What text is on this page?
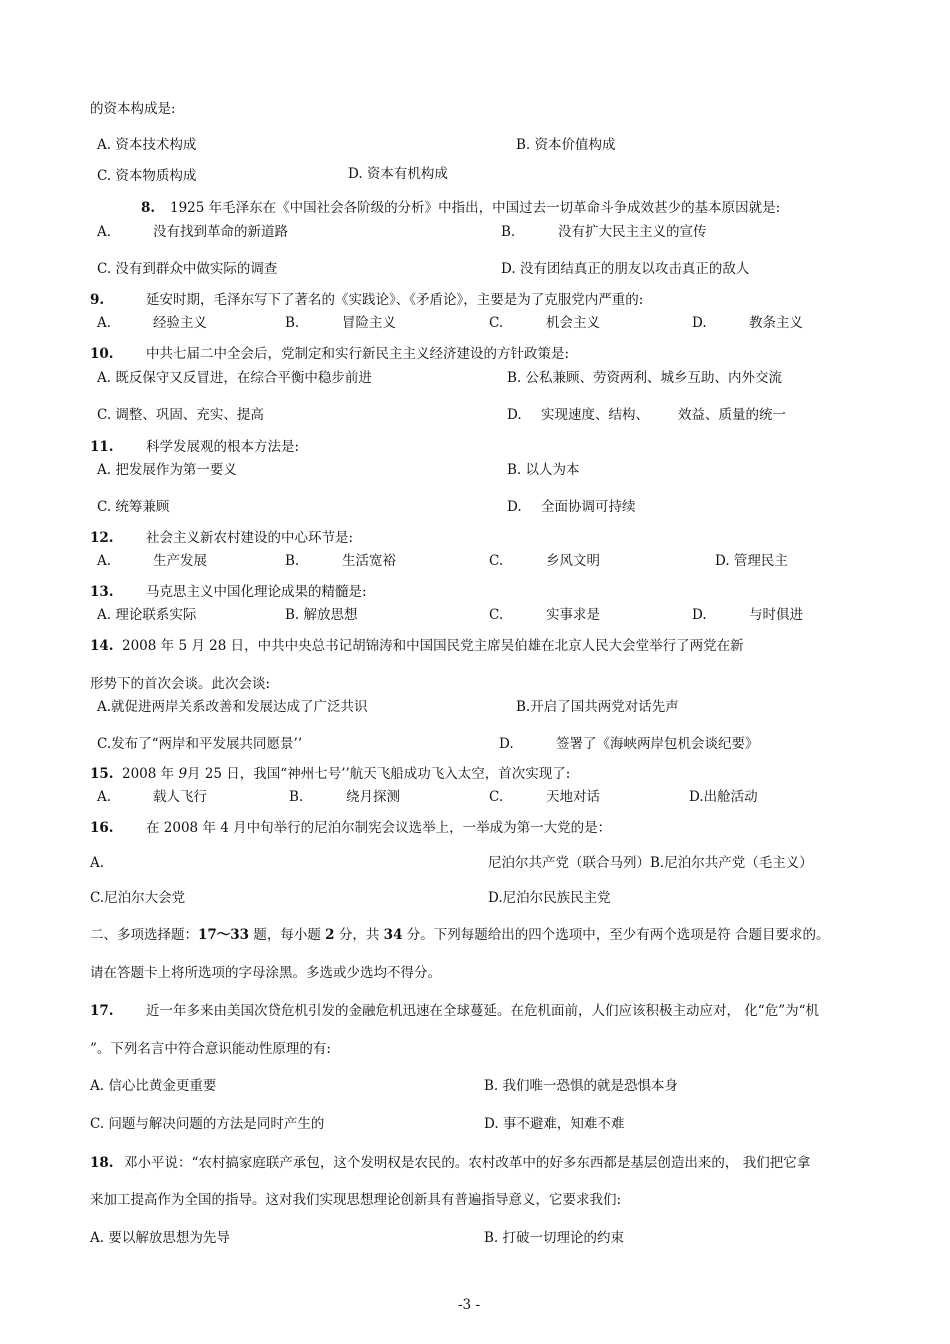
的资本构成是:
A. 资本技术构成	B. 资本价值构成
C. 资本物质构成	D. 资本有机构成
8. 1925 年毛泽东在《中国社会各阶级的分析》中指出，中国过去一切革命斗争成效甚少的基本原因就是:
A.	没有找到革命的新道路	B.	没有扩大民主主义的宣传
C. 没有到群众中做实际的调查	D. 没有团结真正的朋友以攻击真正的敌人
9.	延安时期，毛泽东写下了著名的《实践论》、《矛盾论》，主要是为了克服党内严重的:
A.	经验主义	B.	冒险主义	C.	机会主义	D.	教条主义
10. 中共七届二中全会后，党制定和实行新民主主义经济建设的方针政策是:
A. 既反保守又反冒进，在综合平衡中稳步前进	B. 公私兼顾、劳资两利、城乡互助、内外交流
C. 调整、巩固、充实、提高	D. 实现速度、结构、 效益、质量的统一
11. 科学发展观的根本方法是:
A. 把发展作为第一要义	B. 以人为本
C. 统筹兼顾	D. 全面协调可持续
12. 社会主义新农村建设的中心环节是:
A.	生产发展	B.	生活宽裕	C.	乡风文明	D. 管理民主
13. 马克思主义中国化理论成果的精髓是:
A. 理论联系实际	B. 解放思想	C.	实事求是	D.	与时俱进
14. 2008 年 5 月 28 日，中共中央总书记胡锦涛和中国国民党主席吴伯雄在北京人民大会堂举行了两党在新
形势下的首次会谈。此次会谈:
A.就促进两岸关系改善和发展达成了广泛共识	B.开启了国共两党对话先声
C.发布了“两岸和平发展共同愿景’’	D.	签署了《海峡两岸包机会谈纪要》
15. 2008 年 9月 25 日，我国“神州七号’’航天飞船成功飞入太空，首次实现了:
A.	载人飞行	B.	绕月探测	C.	天地对话	D.出舱活动
16. 在 2008 年 4 月中旬举行的尼泊尔制宪会议选举上，一举成为第一大党的是：
A.	尼泊尔共产党（联合马列）B.尼泊尔共产党（毛主义）
C.尼泊尔大会党	D.尼泊尔民族民主党
二、多项选择题：17～33 题，每小题 2 分，共 34 分。下列每题给出的四个选项中，至少有两个选项是符 合题目要求的。
请在答题卡上将所选项的字母涂黑。多选或少选均不得分。
17. 近一年多来由美国次贷危机引发的金融危机迅速在全球蔓延。在危机面前，人们应该积极主动应对， 化“危”为“机
”。下列名言中符合意识能动性原理的有:
A. 信心比黄金更重要	B. 我们唯一恐惧的就是恐惧本身
C. 问题与解决问题的方法是同时产生的	D. 事不避难，知难不难
18. 邓小平说：“农村搞家庭联产承包，这个发明权是农民的。农村改革中的好多东西都是基层创造出来的， 我们把它拿
来加工提高作为全国的指导。这对我们实现思想理论创新具有普遍指导意义，它要求我们:
A. 要以解放思想为先导	B. 打破一切理论的约束
-3 -
